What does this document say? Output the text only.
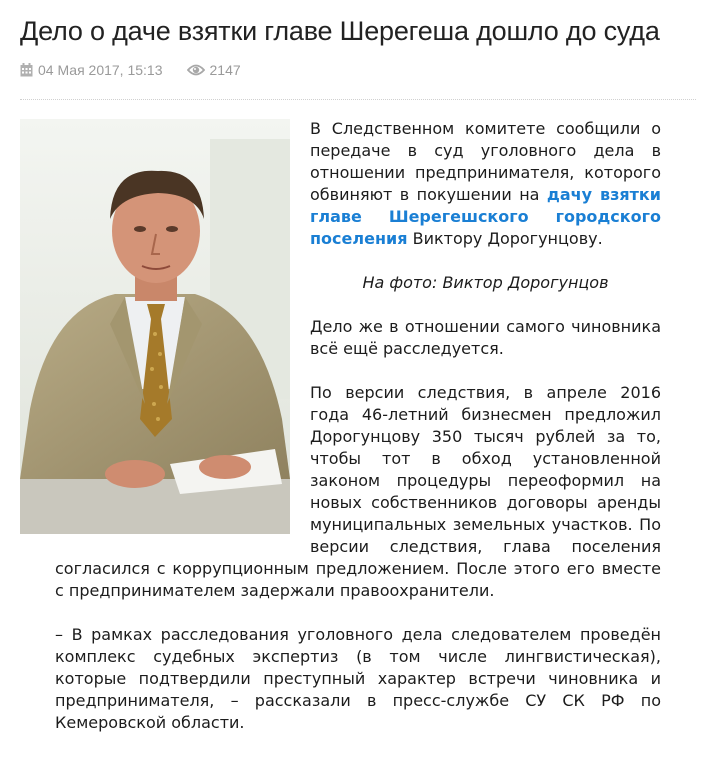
Дело о даче взятки главе Шерегеша дошло до суда
04 Мая 2017, 15:13	2147

В Следственном комитете сообщили о передаче в суд уголовного дела в отношении предпринимателя, которого обвиняют в покушении на дачу взятки главе Шерегешского городского поселения Виктору Дорогунцову.

На фото: Виктор Дорогунцов

Дело же в отношении самого чиновника всё ещё расследуется.

По версии следствия, в апреле 2016 года 46-летний бизнесмен предложил Дорогунцову 350 тысяч рублей за то, чтобы тот в обход установленной законом процедуры переоформил на новых собственников договоры аренды муниципальных земельных участков. По версии следствия, глава поселения согласился с коррупционным предложением. После этого его вместе с предпринимателем задержали правоохранители.

– В рамках расследования уголовного дела следователем проведён комплекс судебных экспертиз (в том числе лингвистическая), которые подтвердили преступный характер встречи чиновника и предпринимателя, – рассказали в пресс-службе СУ СК РФ по Кемеровской области.
